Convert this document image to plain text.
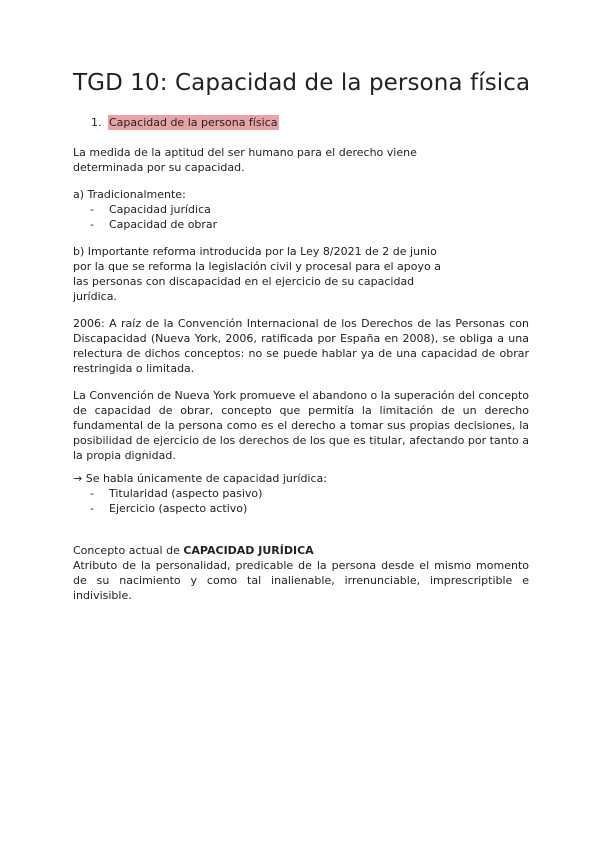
TGD 10: Capacidad de la persona física
1. Capacidad de la persona física

La medida de la aptitud del ser humano para el derecho viene

determinada por su capacidad.

a) Tradicionalmente:

- Capacidad jurídica
- Capacidad de obrar

b) Importante reforma introducida por la Ley 8/2021 de 2 de junio

por la que se reforma la legislación civil y procesal para el apoyo a

las personas con discapacidad en el ejercicio de su capacidad

jurídica.

2006: A raíz de la Convención Internacional de los Derechos de las Personas con Discapacidad (Nueva York, 2006, ratificada por España en 2008), se obliga a una relectura de dichos conceptos: no se puede hablar ya de una capacidad de obrar restringida o limitada.

La Convención de Nueva York promueve el abandono o la superación del concepto de capacidad de obrar, concepto que permitía la limitación de un derecho fundamental de la persona como es el derecho a tomar sus propias decisiones, la posibilidad de ejercicio de los derechos de los que es titular, afectando por tanto a la propia dignidad.

→ Se habla únicamente de capacidad jurídica:

- Titularidad (aspecto pasivo)
- Ejercicio (aspecto activo)

Concepto actual de CAPACIDAD JURÍDICA

Atributo de la personalidad, predicable de la persona desde el mismo momento de su nacimiento y como tal inalienable, irrenunciable, imprescriptible e indivisible.
